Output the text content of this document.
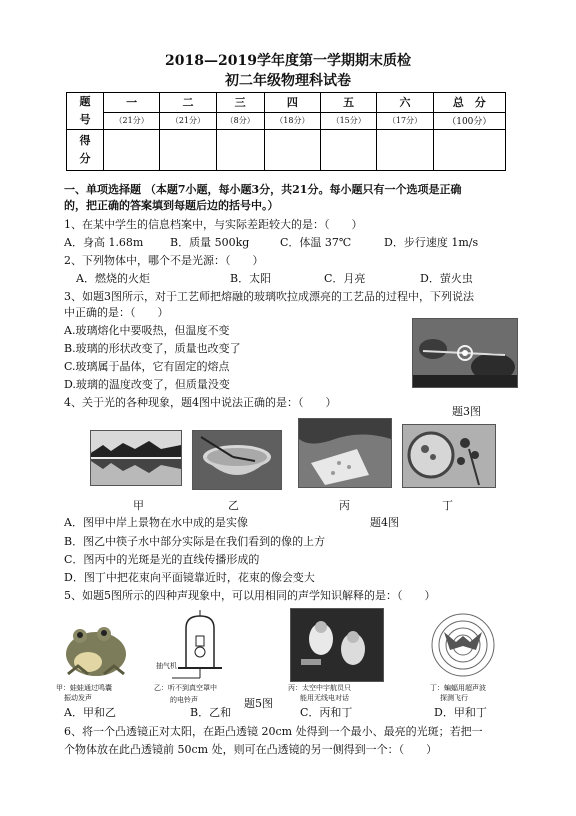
2018—2019学年度第一学期期末质检
初二年级物理科试卷
题
号	一	二	三	四	五	六	总　分
	（21分）	（21分）	（8分）	（18分）	（15分）	（17分）	（100分）
得
分							
一、单项选择题 （本题7小题，每小题3分，共21分。每小题只有一个选项是正确
的，把正确的答案填到每题后边的括号中。）
1、在某中学生的信息档案中，与实际差距较大的是：（　　）
A．身高 1.68m B．质量 500kg	C．体温 37℃	D．步行速度 1m/s
2、下列物体中，哪个不是光源：（　　）
A．燃烧的火炬	B．太阳	C．月亮	D．萤火虫
3、如题3图所示，对于工艺师把熔融的玻璃吹拉成漂亮的工艺品的过程中，下列说法
中正确的是：（　　）
A.玻璃熔化中要吸热，但温度不变
B.玻璃的形状改变了，质量也改变了
C.玻璃属于晶体，它有固定的熔点
D.玻璃的温度改变了，但质量没变
4、关于光的各种现象，题4图中说法正确的是：（　　）
题3图
甲	乙	丙	丁
A．图甲中岸上景物在水中成的是实像	题4图
B．图乙中筷子水中部分实际是在我们看到的像的上方
C．图丙中的光斑是光的直线传播形成的
D．图丁中把花束向平面镜靠近时，花束的像会变大
5、如题5图所示的四种声现象中，可以用相同的声学知识解释的是：（　　）
抽气机
甲：蛙蛙通过鸣囊
振动发声
乙：听不到真空罩中
的电铃声
丙：太空中宇航员只
能用无线电对话
丁：蝙蝠用超声波
探测飞行
题5图
A．甲和乙	B．乙和	C．丙和丁	D．甲和丁
6、将一个凸透镜正对太阳，在距凸透镜 20cm 处得到一个最小、最亮的光斑；若把一
个物体放在此凸透镜前 50cm 处，则可在凸透镜的另一侧得到一个：（　　）
